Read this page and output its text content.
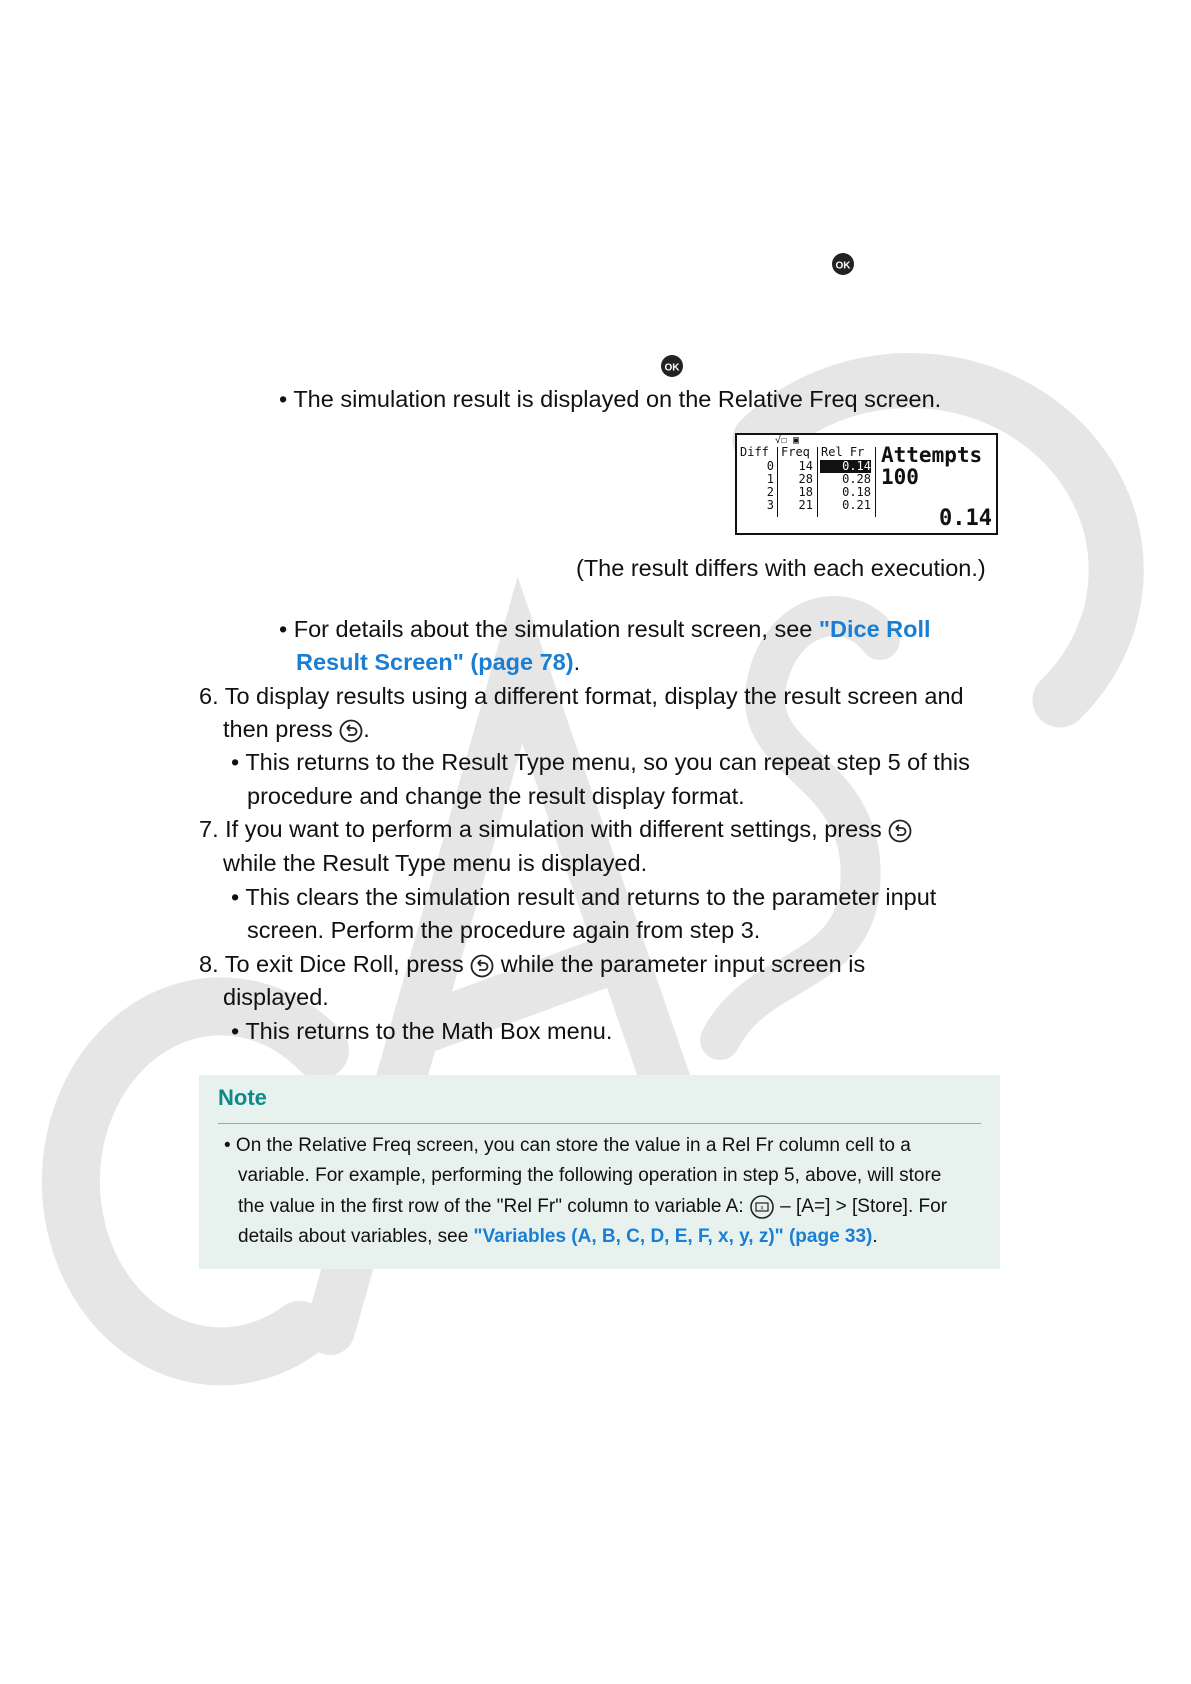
OK
OK
• The simulation result is displayed on the Relative Freq screen.
√☐ ▣
Diff Freq Rel Fr
0	14	0.14
1	28	0.28
2	18	0.18
3	21	0.21
Attempts
100
0.14
(The result differs with each execution.)
• For details about the simulation result screen, see "Dice Roll
Result Screen" (page 78).
6. To display results using a different format, display the result screen and
then press
.
• This returns to the Result Type menu, so you can repeat step 5 of this
procedure and change the result display format.
7. If you want to perform a simulation with different settings, press
while the Result Type menu is displayed.
• This clears the simulation result and returns to the parameter input
screen. Perform the procedure again from step 3.
8. To exit Dice Roll, press
while the parameter input screen is
displayed.
• This returns to the Math Box menu.
Note
• On the Relative Freq screen, you can store the value in a Rel Fr column cell to a
variable. For example, performing the following operation in step 5, above, will store
the value in the first row of the "Rel Fr" column to variable A: x – [A=] > [Store]. For
details about variables, see "Variables (A, B, C, D, E, F, x, y, z)" (page 33).
